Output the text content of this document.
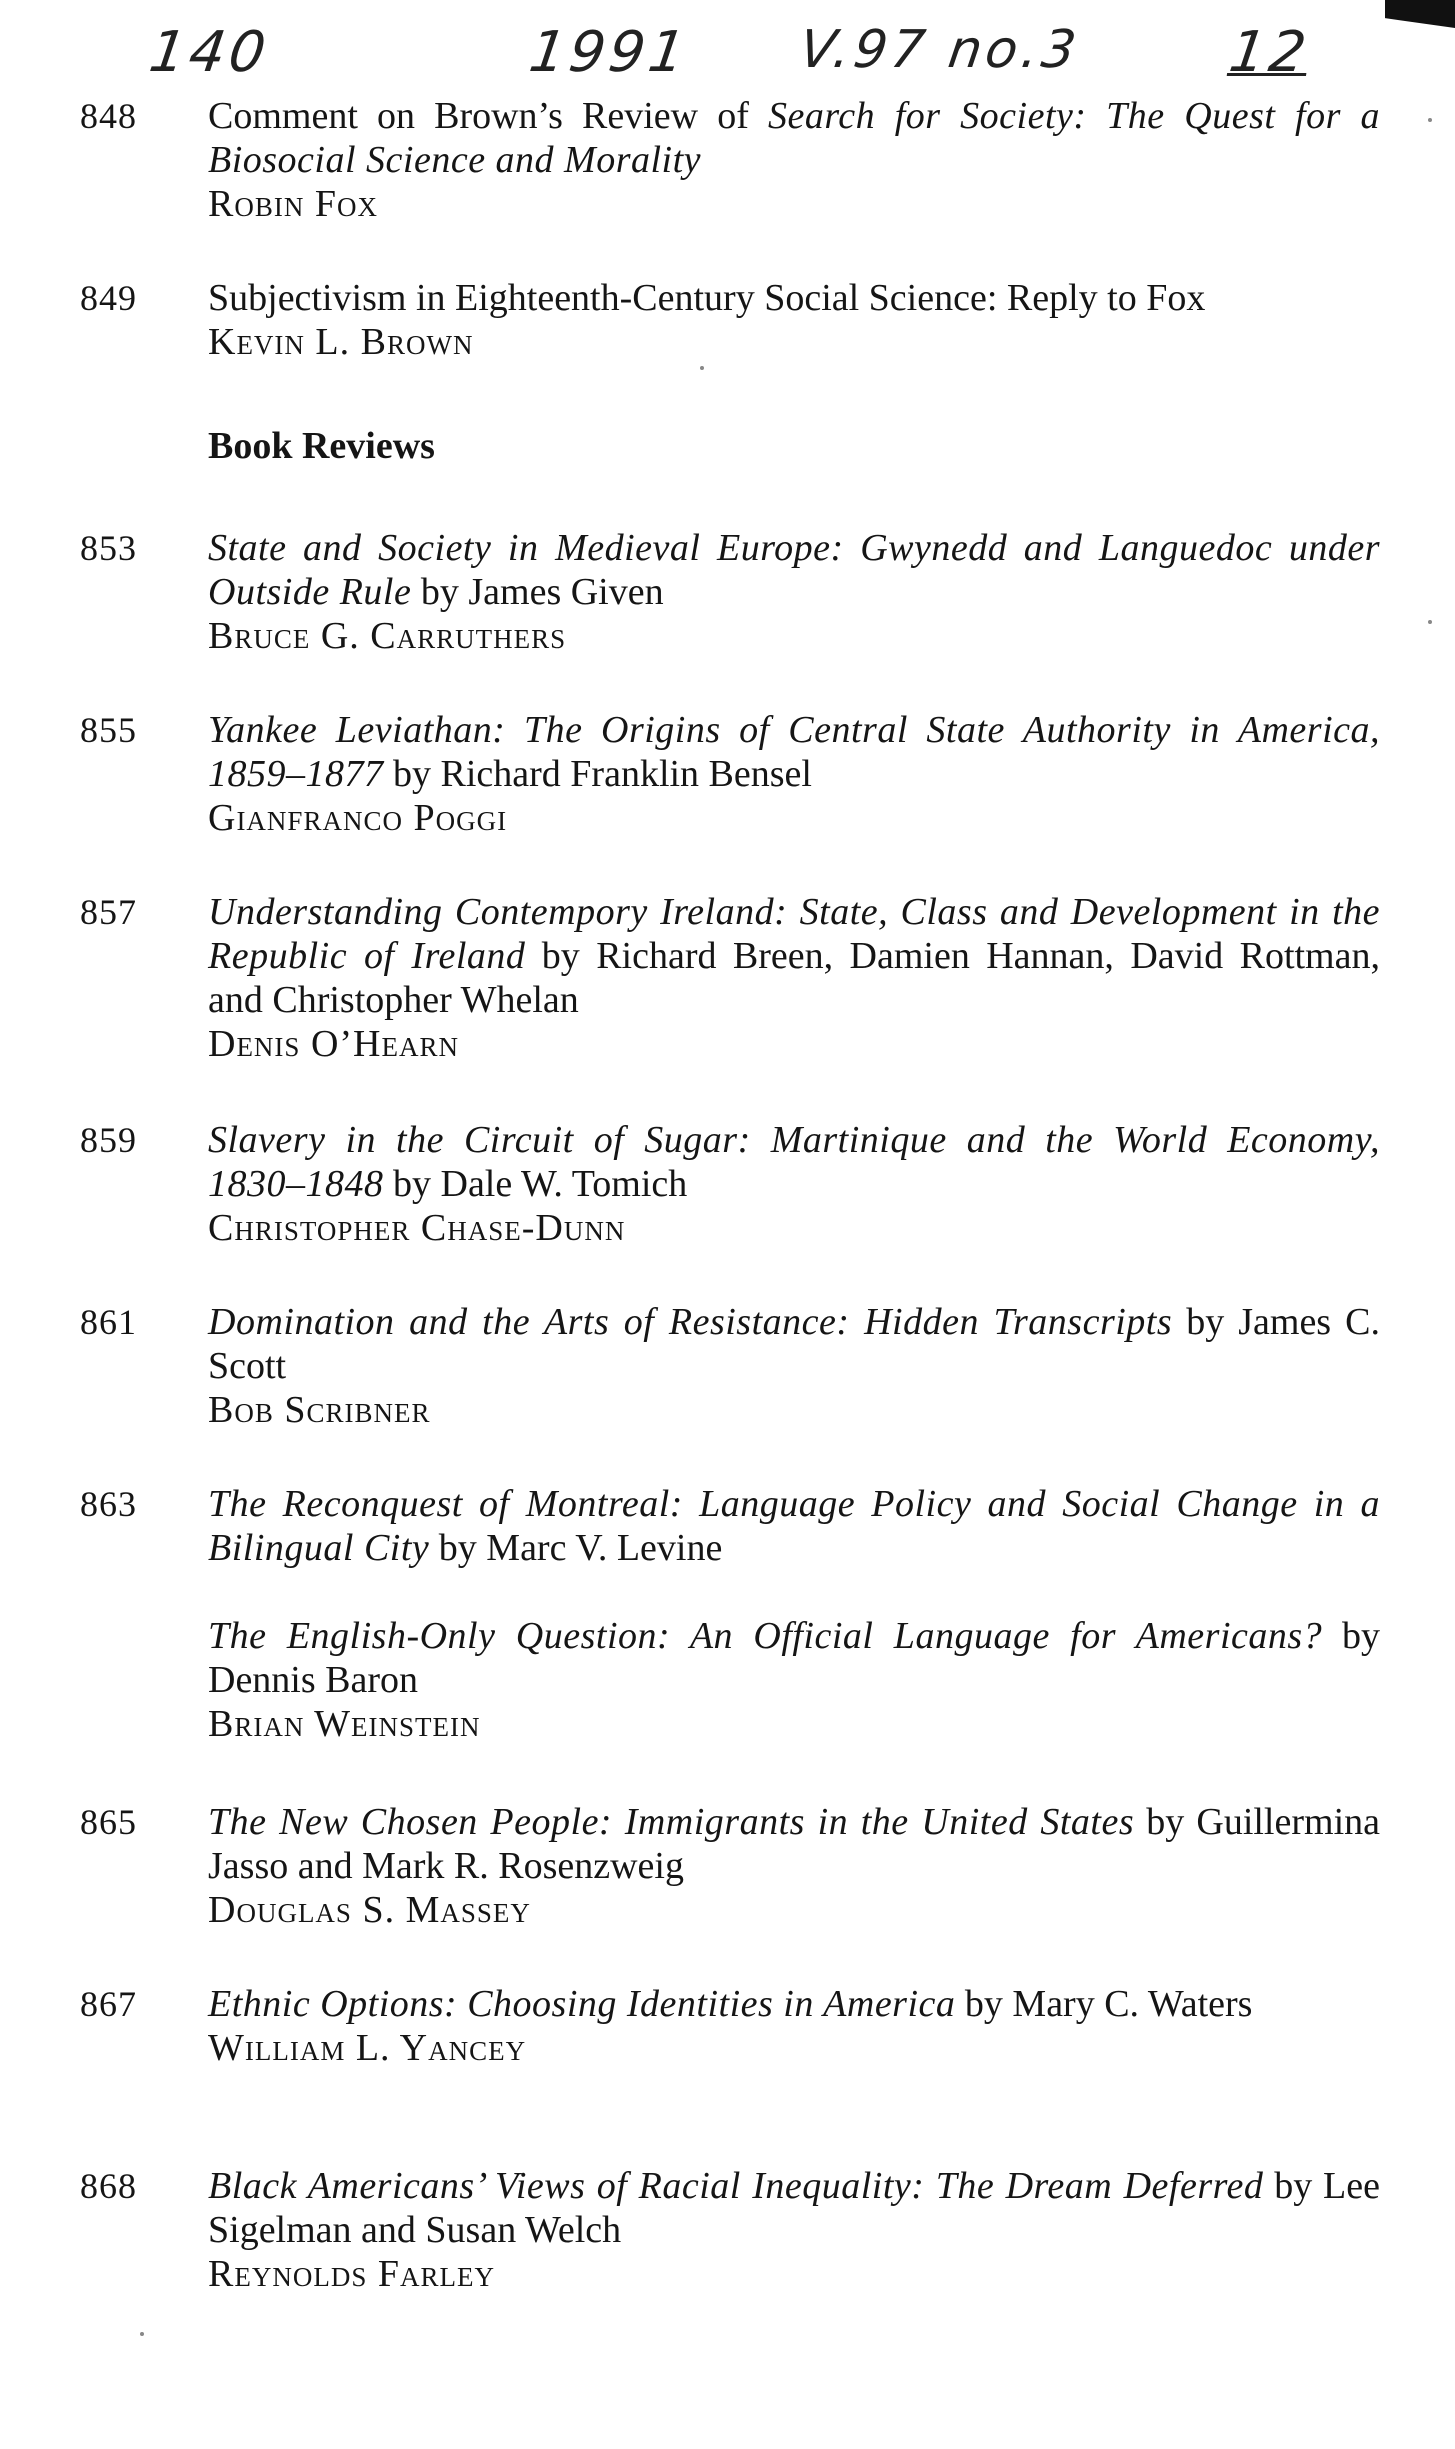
140	1991 V.97 no.3	12
848	Comment on Brown’s Review of Search for Society: The Quest for a Biosocial Science and Morality
Robin Fox
849	Subjectivism in Eighteenth-Century Social Science: Reply to Fox
Kevin L. Brown
Book Reviews
853	State and Society in Medieval Europe: Gwynedd and Languedoc under Outside Rule by James Given
Bruce G. Carruthers
855	Yankee Leviathan: The Origins of Central State Authority in America, 1859–1877 by Richard Franklin Bensel
Gianfranco Poggi
857	Understanding Contempory Ireland: State, Class and Development in the Republic of Ireland by Richard Breen, Damien Hannan, David Rottman, and Christopher Whelan
Denis O’Hearn
859	Slavery in the Circuit of Sugar: Martinique and the World Economy, 1830–1848 by Dale W. Tomich
Christopher Chase-Dunn
861	Domination and the Arts of Resistance: Hidden Transcripts by James C. Scott
Bob Scribner
863	The Reconquest of Montreal: Language Policy and Social Change in a Bilingual City by Marc V. Levine
The English-Only Question: An Official Language for Americans? by Dennis Baron
Brian Weinstein
865	The New Chosen People: Immigrants in the United States by Guillermina Jasso and Mark R. Rosenzweig
Douglas S. Massey
867	Ethnic Options: Choosing Identities in America by Mary C. Waters
William L. Yancey
868	Black Americans’ Views of Racial Inequality: The Dream Deferred by Lee Sigelman and Susan Welch
Reynolds Farley
